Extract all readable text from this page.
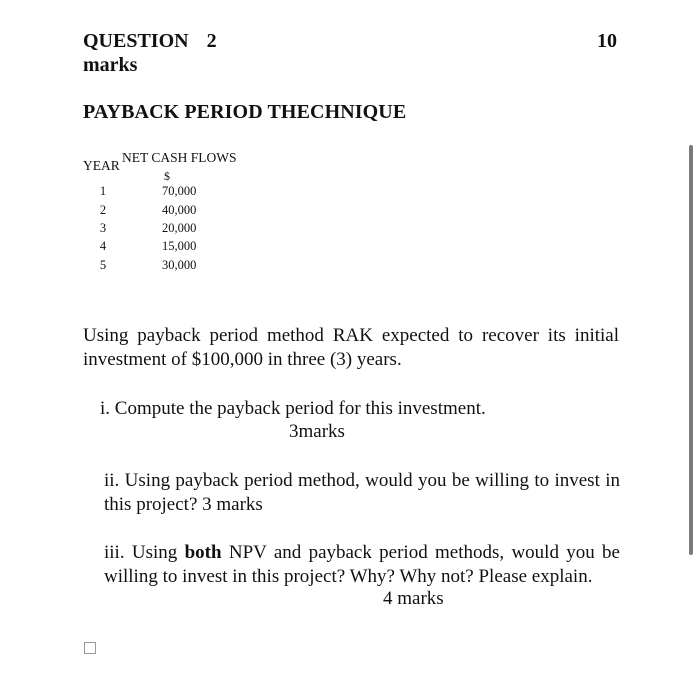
QUESTION 2	10
marks
PAYBACK PERIOD THECHNIQUE
YEAR
NET CASH FLOWS
$
1	70,000
2	40,000
3	20,000
4	15,000
5	30,000
Using payback period method RAK expected to recover its initial investment of $100,000 in three (3) years.
i. Compute the payback period for this investment.
3marks
ii. Using payback period method, would you be willing to invest in this project? 3 marks
iii. Using both NPV and payback period methods, would you be willing to invest in this project? Why? Why not? Please explain.
4 marks
